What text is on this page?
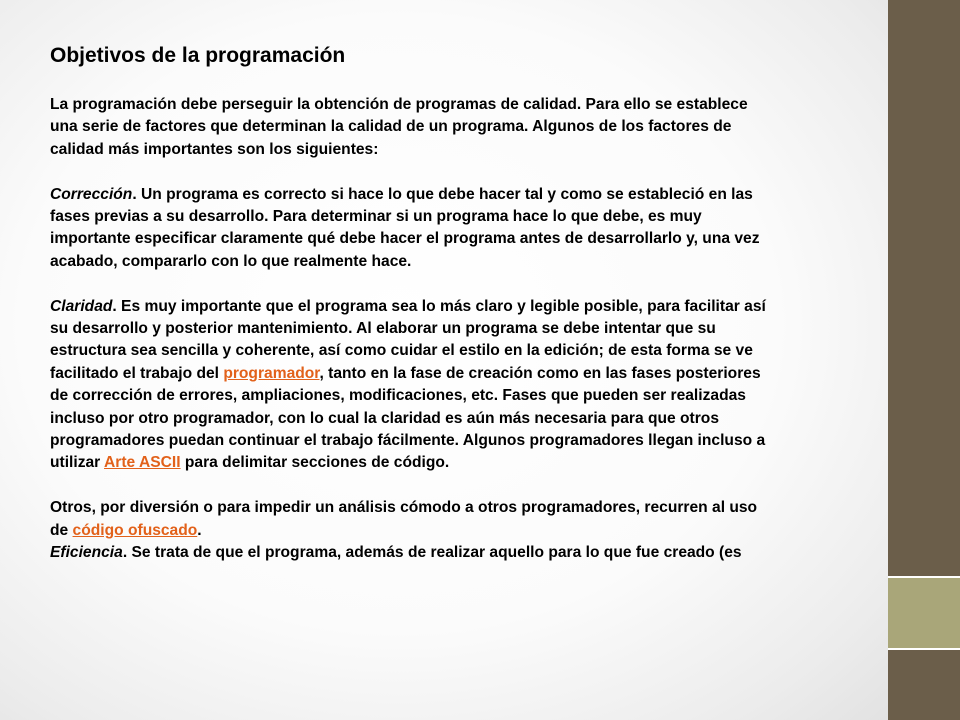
Objetivos de la programación
La programación debe perseguir la obtención de programas de calidad. Para ello se establece una serie de factores que determinan la calidad de un programa. Algunos de los factores de calidad más importantes son los siguientes:
Corrección. Un programa es correcto si hace lo que debe hacer tal y como se estableció en las fases previas a su desarrollo. Para determinar si un programa hace lo que debe, es muy importante especificar claramente qué debe hacer el programa antes de desarrollarlo y, una vez acabado, compararlo con lo que realmente hace.
Claridad. Es muy importante que el programa sea lo más claro y legible posible, para facilitar así su desarrollo y posterior mantenimiento. Al elaborar un programa se debe intentar que su estructura sea sencilla y coherente, así como cuidar el estilo en la edición; de esta forma se ve facilitado el trabajo del programador, tanto en la fase de creación como en las fases posteriores de corrección de errores, ampliaciones, modificaciones, etc. Fases que pueden ser realizadas incluso por otro programador, con lo cual la claridad es aún más necesaria para que otros programadores puedan continuar el trabajo fácilmente. Algunos programadores llegan incluso a utilizar Arte ASCII para delimitar secciones de código.
Otros, por diversión o para impedir un análisis cómodo a otros programadores, recurren al uso de código ofuscado.
Eficiencia. Se trata de que el programa, además de realizar aquello para lo que fue creado (es
